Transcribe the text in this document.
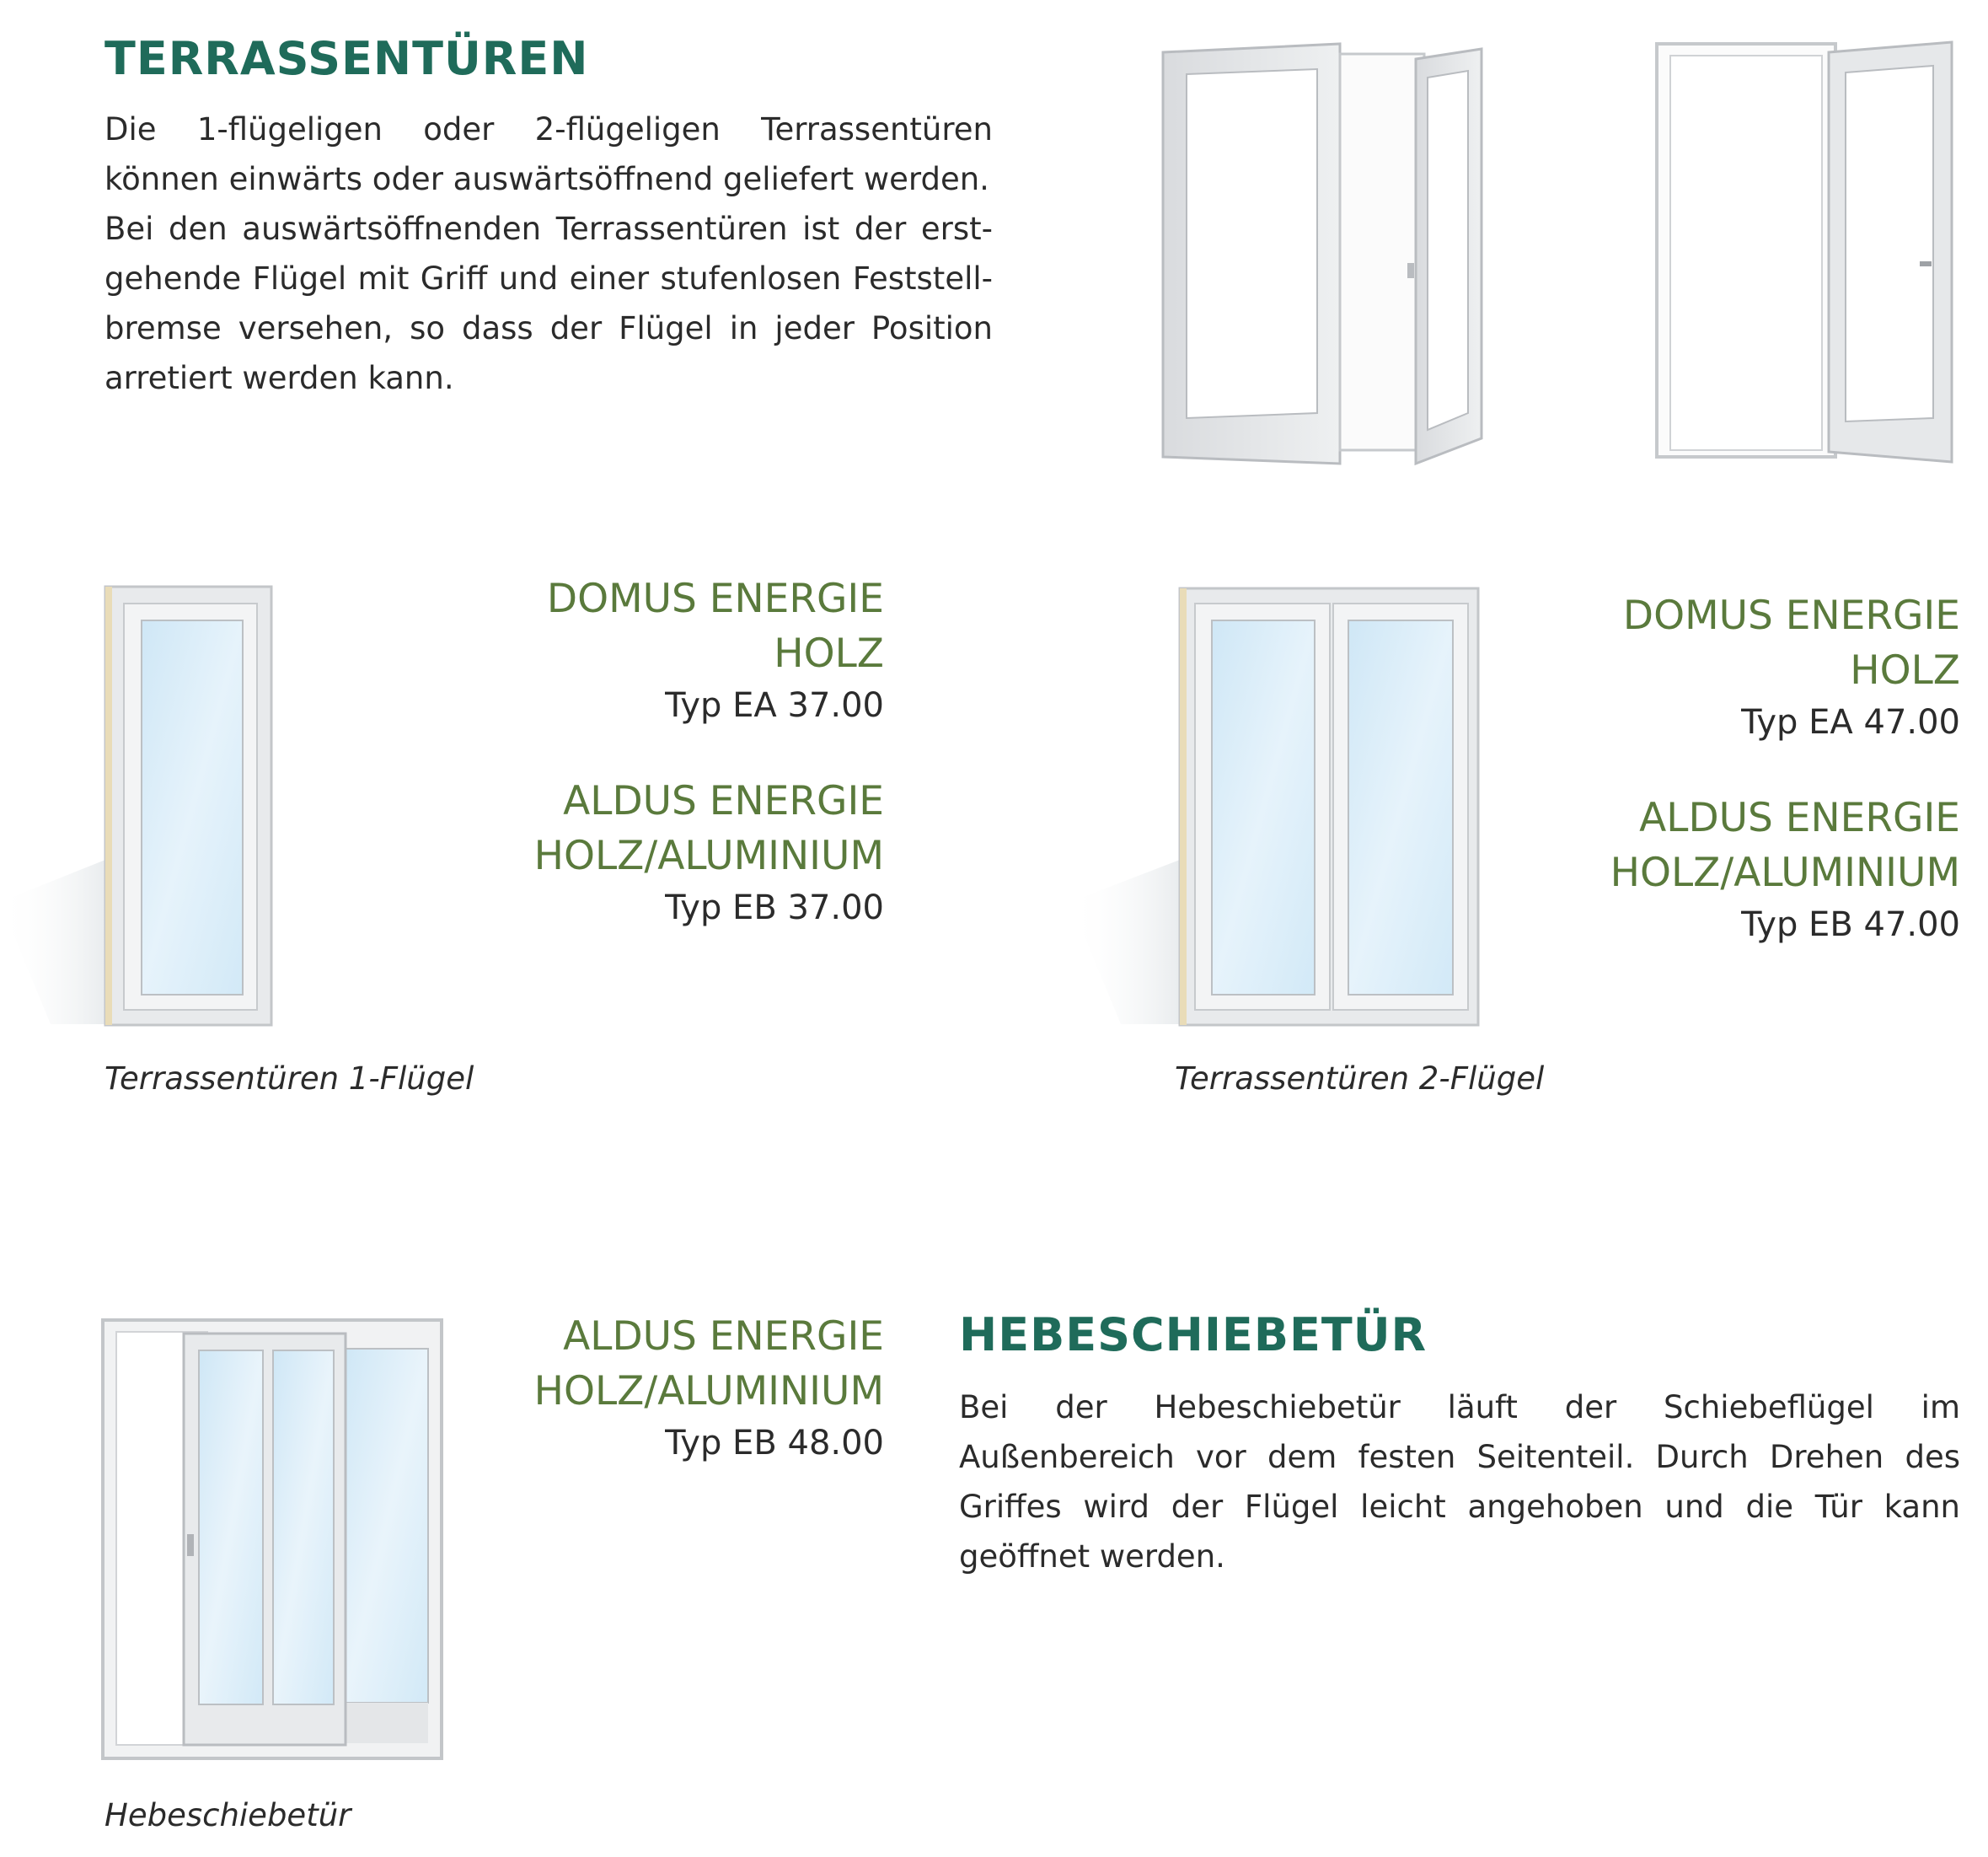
TERRASSENTÜREN

Die 1-flügeligen oder 2-flügeligen Terrassentüren können einwärts oder auswärtsöffnend geliefert werden.

Bei den auswärtsöffnenden Terrassentüren ist der erst-gehende Flügel mit Griff und einer stufenlosen Feststell-bremse versehen, so dass der Flügel in jeder Position arretiert werden kann.

DOMUS ENERGIE
HOLZ
Typ EA 37.00
ALDUS ENERGIE
HOLZ/ALUMINIUM
Typ EB 37.00
Terrassentüren 1-Flügel
DOMUS ENERGIE
HOLZ
Typ EA 47.00
ALDUS ENERGIE
HOLZ/ALUMINIUM
Typ EB 47.00
Terrassentüren 2-Flügel
ALDUS ENERGIE
HOLZ/ALUMINIUM
Typ EB 48.00
HEBESCHIEBETÜR

Bei der Hebeschiebetür läuft der Schiebeflügel im Außenbereich vor dem festen Seitenteil. Durch Drehen des Griffes wird der Flügel leicht angehoben und die Tür kann geöffnet werden.

Hebeschiebetür
